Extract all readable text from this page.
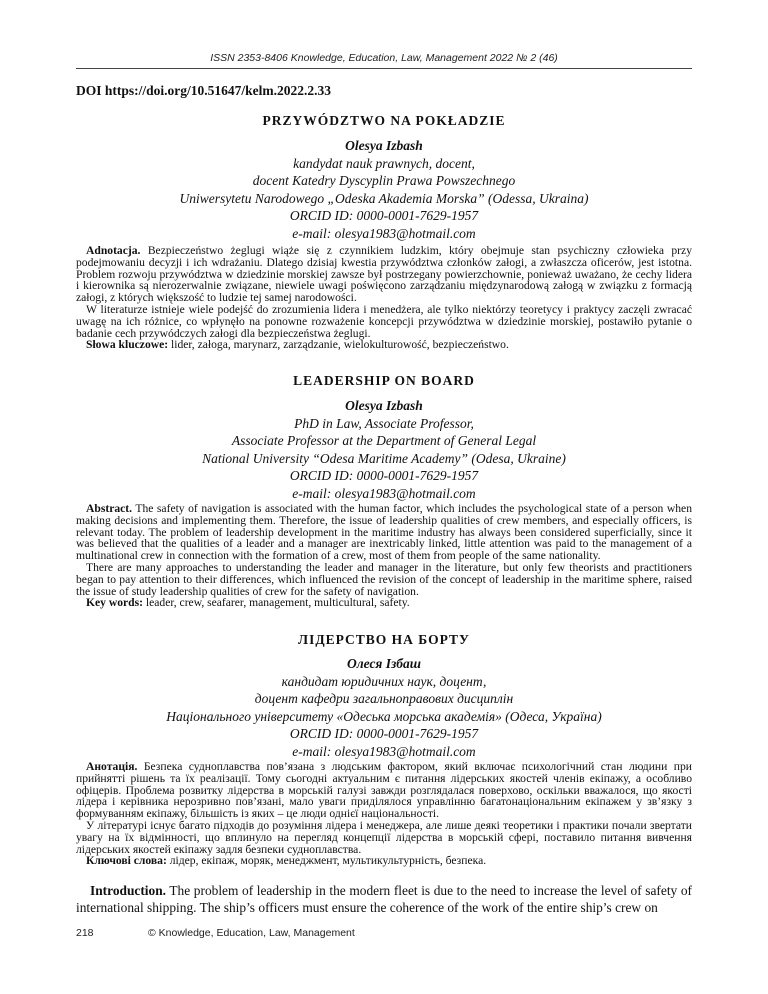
ISSN 2353-8406 Knowledge, Education, Law, Management 2022 № 2 (46)
DOI https://doi.org/10.51647/kelm.2022.2.33
PRZYWÓDZTWO NA POKŁADZIE
Olesya Izbash
kandydat nauk prawnych, docent,
docent Katedry Dyscyplin Prawa Powszechnego
Uniwersytetu Narodowego „Odeska Akademia Morska” (Odessa, Ukraina)
ORCID ID: 0000-0001-7629-1957
e-mail: olesya1983@hotmail.com

Adnotacja. Bezpieczeństwo żeglugi wiąże się z czynnikiem ludzkim, który obejmuje stan psychiczny człowieka przy podejmowaniu decyzji i ich wdrażaniu. Dlatego dzisiaj kwestia przywództwa członków załogi, a zwłaszcza oficerów, jest istotna. Problem rozwoju przywództwa w dziedzinie morskiej zawsze był postrzegany powierzchownie, ponieważ uważano, że cechy lidera i kierownika są nierozerwalnie związane, niewiele uwagi poświęcono zarządzaniu międzynarodową załogą w związku z formacją załogi, z których większość to ludzie tej samej narodowości.

W literaturze istnieje wiele podejść do zrozumienia lidera i menedżera, ale tylko niektórzy teoretycy i praktycy zaczęli zwracać uwagę na ich różnice, co wpłynęło na ponowne rozważenie koncepcji przywództwa w dziedzinie morskiej, postawiło pytanie o badanie cech przywódczych załogi dla bezpieczeństwa żeglugi.

Słowa kluczowe: lider, załoga, marynarz, zarządzanie, wielokulturowość, bezpieczeństwo.

LEADERSHIP ON BOARD
Olesya Izbash
PhD in Law, Associate Professor,
Associate Professor at the Department of General Legal
National University “Odesa Maritime Academy” (Odesa, Ukraine)
ORCID ID: 0000-0001-7629-1957
e-mail: olesya1983@hotmail.com

Abstract. The safety of navigation is associated with the human factor, which includes the psychological state of a person when making decisions and implementing them. Therefore, the issue of leadership qualities of crew members, and especially officers, is relevant today. The problem of leadership development in the maritime industry has always been considered superficially, since it was believed that the qualities of a leader and a manager are inextricably linked, little attention was paid to the management of a multinational crew in connection with the formation of a crew, most of them from people of the same nationality.

There are many approaches to understanding the leader and manager in the literature, but only few theorists and practitioners began to pay attention to their differences, which influenced the revision of the concept of leadership in the maritime sphere, raised the issue of study leadership qualities of crew for the safety of navigation.

Key words: leader, crew, seafarer, management, multicultural, safety.

ЛІДЕРСТВО НА БОРТУ
Олеся Ізбаш
кандидат юридичних наук, доцент,
доцент кафедри загальноправових дисциплін
Національного університету «Одеська морська академія» (Одеса, Україна)
ORCID ID: 0000-0001-7629-1957
e-mail: olesya1983@hotmail.com

Анотація. Безпека судноплавства пов’язана з людським фактором, який включає психологічний стан людини при прийнятті рішень та їх реалізації. Тому сьогодні актуальним є питання лідерських якостей членів екіпажу, а особливо офіцерів. Проблема розвитку лідерства в морській галузі завжди розглядалася поверхово, оскільки вважалося, що якості лідера і керівника нерозривно пов’язані, мало уваги приділялося управлінню багатонаціональним екіпажем у зв’язку з формуванням екіпажу, більшість із яких – це люди однієї національності.

У літературі існує багато підходів до розуміння лідера і менеджера, але лише деякі теоретики і практики почали звертати увагу на їх відмінності, що вплинуло на перегляд концепції лідерства в морській сфері, поставило питання вивчення лідерських якостей екіпажу задля безпеки судноплавства.

Ключові слова: лідер, екіпаж, моряк, менеджмент, мультикультурність, безпека.

Introduction. The problem of leadership in the modern fleet is due to the need to increase the level of safety of international shipping. The ship’s officers must ensure the coherence of the work of the entire ship’s crew on

218	© Knowledge, Education, Law, Management
